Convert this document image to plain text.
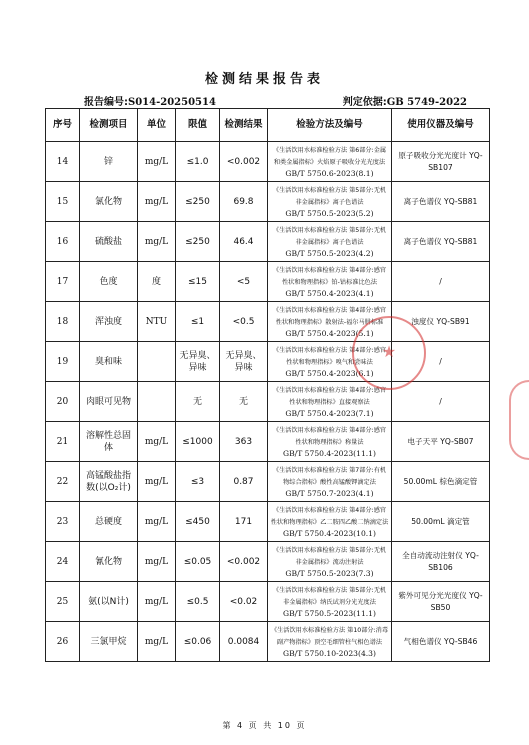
检测结果报告表
报告编号:S014-20250514	判定依据:GB 5749-2022
序号	检测项目	单位	限值	检测结果	检验方法及编号	使用仪器及编号
14	锌	mg/L	≤1.0	<0.002	《生活饮用水标准检验方法 第6部分:金属和类金属指标》火焰原子吸收分光光度法
GB/T 5750.6-2023(8.1)	原子吸收分光光度计 YQ-SB107
15	氯化物	mg/L	≤250	69.8	《生活饮用水标准检验方法 第5部分:无机非金属指标》离子色谱法
GB/T 5750.5-2023(5.2)	离子色谱仪 YQ-SB81
16	硫酸盐	mg/L	≤250	46.4	《生活饮用水标准检验方法 第5部分:无机非金属指标》离子色谱法
GB/T 5750.5-2023(4.2)	离子色谱仪 YQ-SB81
17	色度	度	≤15	<5	《生活饮用水标准检验方法 第4部分:感官性状和物理指标》铂-钴标准比色法
GB/T 5750.4-2023(4.1)	/
18	浑浊度	NTU	≤1	<0.5	《生活饮用水标准检验方法 第4部分:感官性状和物理指标》散射法-福尔马肼标准
GB/T 5750.4-2023(5.1)	浊度仪 YQ-SB91
19	臭和味		无异臭、异味	无异臭、异味	《生活饮用水标准检验方法 第4部分:感官性状和物理指标》嗅气和尝味法
GB/T 5750.4-2023(6.1)	/
20	肉眼可见物		无	无	《生活饮用水标准检验方法 第4部分:感官性状和物理指标》直接观察法
GB/T 5750.4-2023(7.1)	/
21	溶解性总固体	mg/L	≤1000	363	《生活饮用水标准检验方法 第4部分:感官性状和物理指标》称量法
GB/T 5750.4-2023(11.1)	电子天平 YQ-SB07
22	高锰酸盐指数(以O₂计)	mg/L	≤3	0.87	《生活饮用水标准检验方法 第7部分:有机物综合指标》酸性高锰酸钾滴定法
GB/T 5750.7-2023(4.1)	50.00mL 棕色滴定管
23	总硬度	mg/L	≤450	171	《生活饮用水标准检验方法 第4部分:感官性状和物理指标》乙二胺四乙酸二钠滴定法
GB/T 5750.4-2023(10.1)	50.00mL 滴定管
24	氰化物	mg/L	≤0.05	<0.002	《生活饮用水标准检验方法 第5部分:无机非金属指标》流动注射法
GB/T 5750.5-2023(7.3)	全自动流动注射仪 YQ-SB106
25	氨(以N计)	mg/L	≤0.5	<0.02	《生活饮用水标准检验方法 第5部分:无机非金属指标》纳氏试剂分光光度法
GB/T 5750.5-2023(11.1)	紫外可见分光光度仪 YQ-SB50
26	三氯甲烷	mg/L	≤0.06	0.0084	《生活饮用水标准检验方法 第10部分:消毒副产物指标》顶空毛细管柱气相色谱法
GB/T 5750.10-2023(4.3)	气相色谱仪 YQ-SB46
★
第 4 页 共 10 页
